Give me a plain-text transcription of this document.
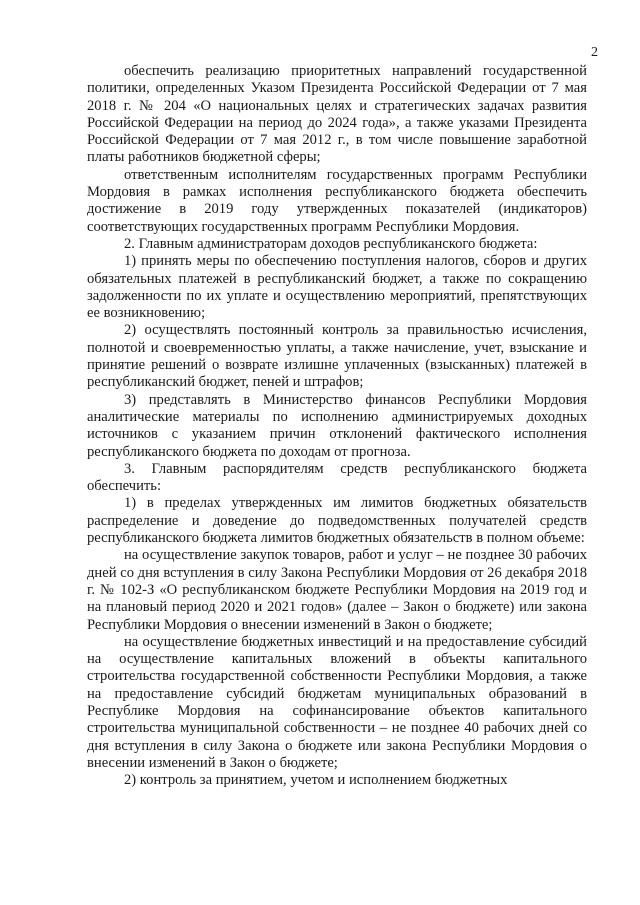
2

обеспечить реализацию приоритетных направлений государственной политики, определенных Указом Президента Российской Федерации от 7 мая 2018 г. № 204 «О национальных целях и стратегических задачах развития Российской Федерации на период до 2024 года», а также указами Президента Российской Федерации от 7 мая 2012 г., в том числе повышение заработной платы работников бюджетной сферы;

ответственным исполнителям государственных программ Республики Мордовия в рамках исполнения республиканского бюджета обеспечить достижение в 2019 году утвержденных показателей (индикаторов) соответствующих государственных программ Республики Мордовия.

2. Главным администраторам доходов республиканского бюджета:

1) принять меры по обеспечению поступления налогов, сборов и других обязательных платежей в республиканский бюджет, а также по сокращению задолженности по их уплате и осуществлению мероприятий, препятствующих ее возникновению;

2) осуществлять постоянный контроль за правильностью исчисления, полнотой и своевременностью уплаты, а также начисление, учет, взыскание и принятие решений о возврате излишне уплаченных (взысканных) платежей в республиканский бюджет, пеней и штрафов;

3) представлять в Министерство финансов Республики Мордовия аналитические материалы по исполнению администрируемых доходных источников с указанием причин отклонений фактического исполнения республиканского бюджета по доходам от прогноза.

3. Главным распорядителям средств республиканского бюджета обеспечить:

1) в пределах утвержденных им лимитов бюджетных обязательств распределение и доведение до подведомственных получателей средств республиканского бюджета лимитов бюджетных обязательств в полном объеме:

на осуществление закупок товаров, работ и услуг – не позднее 30 рабочих дней со дня вступления в силу Закона Республики Мордовия от 26 декабря 2018 г. № 102-З «О республиканском бюджете Республики Мордовия на 2019 год и на плановый период 2020 и 2021 годов» (далее – Закон о бюджете) или закона Республики Мордовия о внесении изменений в Закон о бюджете;

на осуществление бюджетных инвестиций и на предоставление субсидий на осуществление капитальных вложений в объекты капитального строительства государственной собственности Республики Мордовия, а также на предоставление субсидий бюджетам муниципальных образований в Республике Мордовия на софинансирование объектов капитального строительства муниципальной собственности – не позднее 40 рабочих дней со дня вступления в силу Закона о бюджете или закона Республики Мордовия о внесении изменений в Закон о бюджете;

2) контроль за принятием, учетом и исполнением бюджетных
